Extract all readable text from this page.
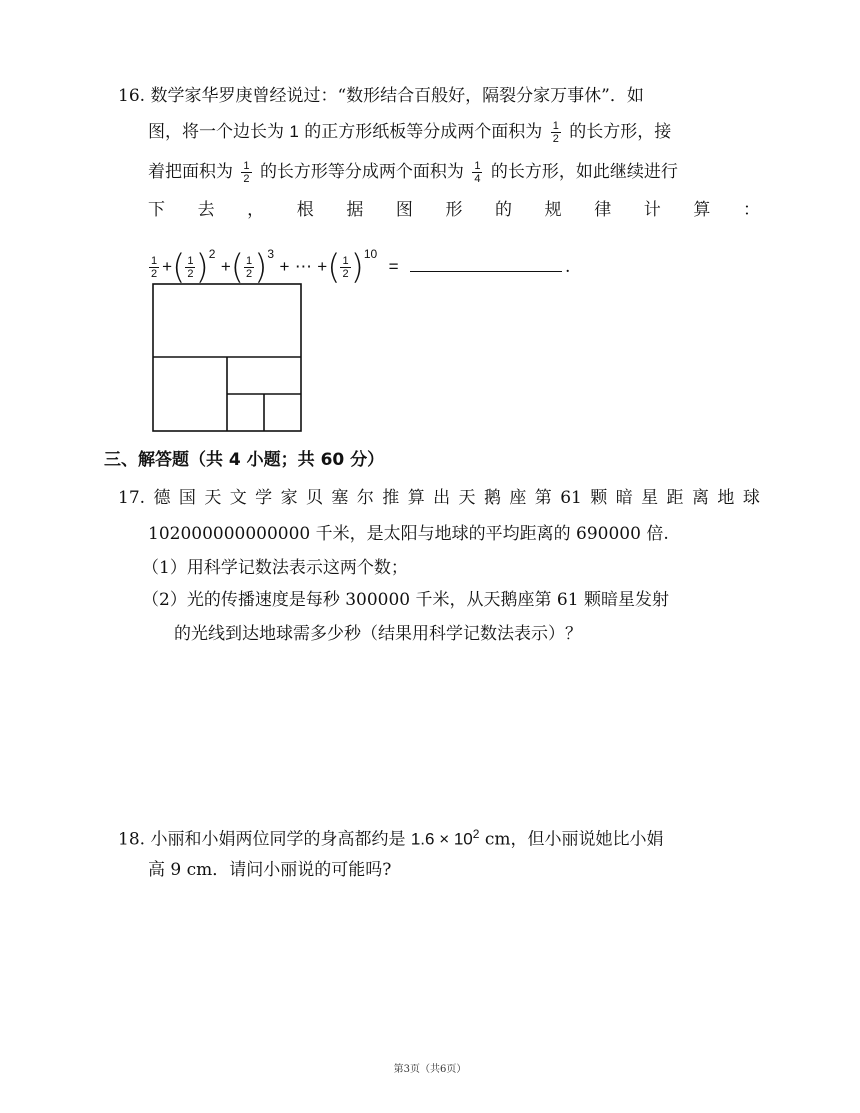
16. 数学家华罗庚曾经说过：“数形结合百般好，隔裂分家万事休”．如
图，将一个边长为 1 的正方形纸板等分成两个面积为 $\frac{1}{2}$ 的长方形，接
着把面积为 $\frac{1}{2}$ 的长方形等分成两个面积为 $\frac{1}{4}$ 的长方形，如此继续进行
下 去 ， 根 据 图 形 的 规 律 计 算 ：
$\frac{1}{2}$ +( $\frac{1}{2} )^2$ +( $\frac{1}{2} )^3$ + ⋯ +( $\frac{1}{2} )^{10}$ =	.
三、解答题（共 4 小题；共 60 分）
17. 德 国 天 文 学 家 贝 塞 尔 推 算 出 天 鹅 座 第 61 颗 暗 星 距 离 地 球
102000000000000 千米，是太阳与地球的平均距离的 690000 倍.
（1）用科学记数法表示这两个数；
（2）光的传播速度是每秒 300000 千米，从天鹅座第 61 颗暗星发射
的光线到达地球需多少秒（结果用科学记数法表示）？
18. 小丽和小娟两位同学的身高都约是 $1.6 \times 10^2$ cm，但小丽说她比小娟
高 9 cm．请问小丽说的可能吗?
第3页（共6页）
